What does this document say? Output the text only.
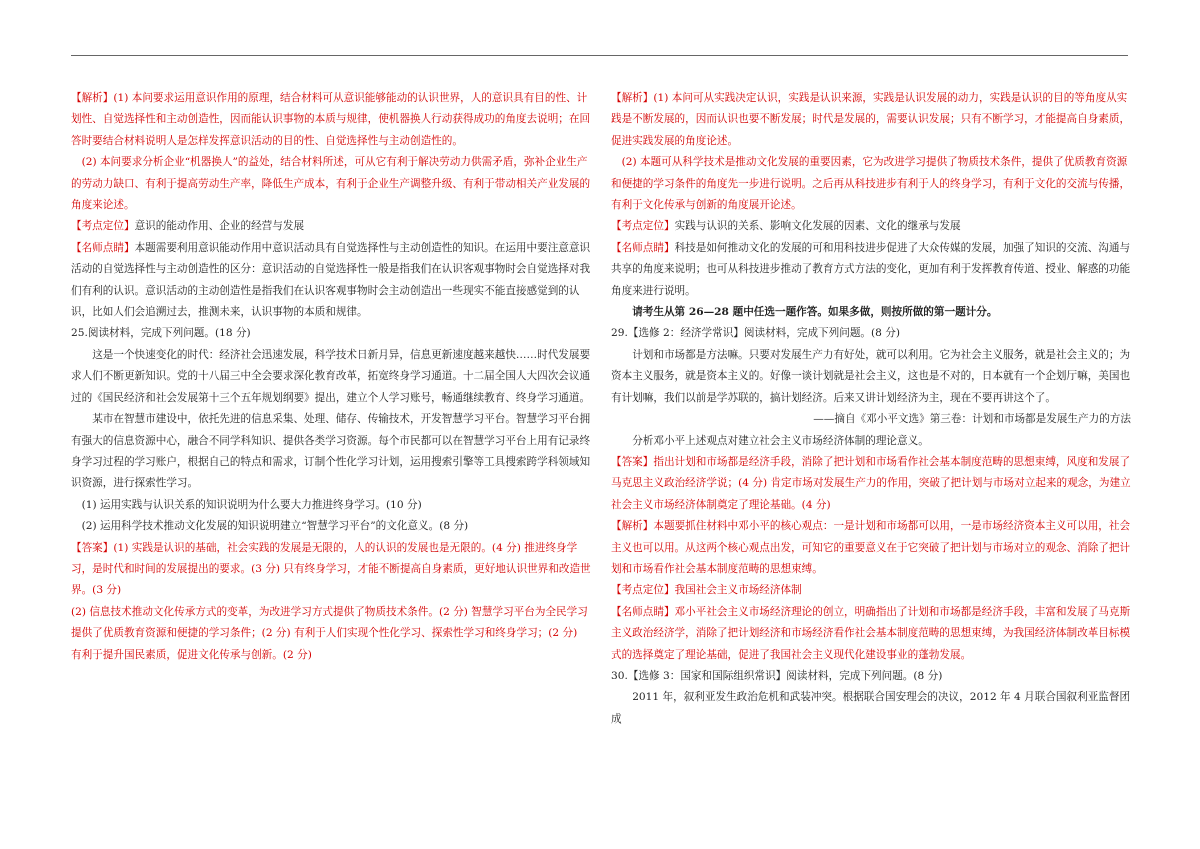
【解析】(1) 本问要求运用意识作用的原理，结合材料可从意识能够能动的认识世界，人的意识具有目的性、计划性、自觉选择性和主动创造性，因而能认识事物的本质与规律，使机器换人行动获得成功的角度去说明；在回答时要结合材料说明人是怎样发挥意识活动的目的性、自觉选择性与主动创造性的。

(2) 本问要求分析企业“机器换人”的益处，结合材料所述，可从它有利于解决劳动力供需矛盾，弥补企业生产的劳动力缺口、有利于提高劳动生产率，降低生产成本，有利于企业生产调整升级、有利于带动相关产业发展的角度来论述。

【考点定位】意识的能动作用、企业的经营与发展

【名师点睛】本题需要利用意识能动作用中意识活动具有自觉选择性与主动创造性的知识。在运用中要注意意识活动的自觉选择性与主动创造性的区分：意识活动的自觉选择性一般是指我们在认识客观事物时会自觉选择对我们有利的认识。意识活动的主动创造性是指我们在认识客观事物时会主动创造出一些现实不能直接感觉到的认识，比如人们会追溯过去，推测未来，认识事物的本质和规律。

25.阅读材料，完成下列问题。(18 分)

这是一个快速变化的时代：经济社会迅速发展，科学技术日新月异，信息更新速度越来越快……时代发展要求人们不断更新知识。党的十八届三中全会要求深化教育改革，拓宽终身学习通道。十二届全国人大四次会议通过的《国民经济和社会发展第十三个五年规划纲要》提出，建立个人学习账号，畅通继续教育、终身学习通道。

某市在智慧市建设中，依托先进的信息采集、处理、储存、传输技术，开发智慧学习平台。智慧学习平台拥有强大的信息资源中心，融合不同学科知识、提供各类学习资源。每个市民都可以在智慧学习平台上用有记录终身学习过程的学习账户，根据自己的特点和需求，订制个性化学习计划，运用搜索引擎等工具搜索跨学科领域知识资源，进行探索性学习。

(1) 运用实践与认识关系的知识说明为什么要大力推进终身学习。(10 分)

(2) 运用科学技术推动文化发展的知识说明建立“智慧学习平台”的文化意义。(8 分)

【答案】(1) 实践是认识的基础，社会实践的发展是无限的，人的认识的发展也是无限的。(4 分) 推进终身学习，是时代和时间的发展提出的要求。(3 分) 只有终身学习，才能不断提高自身素质，更好地认识世界和改造世界。(3 分)

(2) 信息技术推动文化传承方式的变革，为改进学习方式提供了物质技术条件。(2 分) 智慧学习平台为全民学习提供了优质教育资源和便捷的学习条件；(2 分) 有利于人们实现个性化学习、探索性学习和终身学习；(2 分) 有利于提升国民素质，促进文化传承与创新。(2 分)

【解析】(1) 本问可从实践决定认识，实践是认识来源，实践是认识发展的动力，实践是认识的目的等角度从实践是不断发展的，因而认识也要不断发展；时代是发展的，需要认识发展；只有不断学习，才能提高自身素质，促进实践发展的角度论述。

(2) 本题可从科学技术是推动文化发展的重要因素，它为改进学习提供了物质技术条件，提供了优质教育资源和便捷的学习条件的角度先一步进行说明。之后再从科技进步有利于人的终身学习，有利于文化的交流与传播，有利于文化传承与创新的角度展开论述。

【考点定位】实践与认识的关系、影响文化发展的因素、文化的继承与发展

【名师点睛】科技是如何推动文化的发展的可和用科技进步促进了大众传媒的发展，加强了知识的交流、沟通与共享的角度来说明；也可从科技进步推动了教育方式方法的变化，更加有利于发挥教育传道、授业、解惑的功能角度来进行说明。

请考生从第 26—28 题中任选一题作答。如果多做，则按所做的第一题计分。

29.【选修 2：经济学常识】阅读材料，完成下列问题。(8 分)

计划和市场都是方法嘛。只要对发展生产力有好处，就可以利用。它为社会主义服务，就是社会主义的；为资本主义服务，就是资本主义的。好像一谈计划就是社会主义，这也是不对的，日本就有一个企划厅嘛，美国也有计划嘛，我们以前是学苏联的，搞计划经济。后来又讲计划经济为主，现在不要再讲这个了。

——摘自《邓小平文选》第三卷：计划和市场都是发展生产力的方法

分析邓小平上述观点对建立社会主义市场经济体制的理论意义。

【答案】指出计划和市场都是经济手段，消除了把计划和市场看作社会基本制度范畴的思想束缚，风度和发展了马克思主义政治经济学说；(4 分) 肯定市场对发展生产力的作用，突破了把计划与市场对立起来的观念，为建立社会主义市场经济体制奠定了理论基础。(4 分)

【解析】本题要抓住材料中邓小平的核心观点：一是计划和市场都可以用，一是市场经济资本主义可以用，社会主义也可以用。从这两个核心观点出发，可知它的重要意义在于它突破了把计划与市场对立的观念、消除了把计划和市场看作社会基本制度范畴的思想束缚。

【考点定位】我国社会主义市场经济体制

【名师点睛】邓小平社会主义市场经济理论的创立，明确指出了计划和市场都是经济手段，丰富和发展了马克斯主义政治经济学，消除了把计划经济和市场经济看作社会基本制度范畴的思想束缚，为我国经济体制改革目标模式的选择奠定了理论基础，促进了我国社会主义现代化建设事业的蓬勃发展。

30.【选修 3：国家和国际组织常识】阅读材料，完成下列问题。(8 分)

2011 年，叙利亚发生政治危机和武装冲突。根据联合国安理会的决议，2012 年 4 月联合国叙利亚监督团成
